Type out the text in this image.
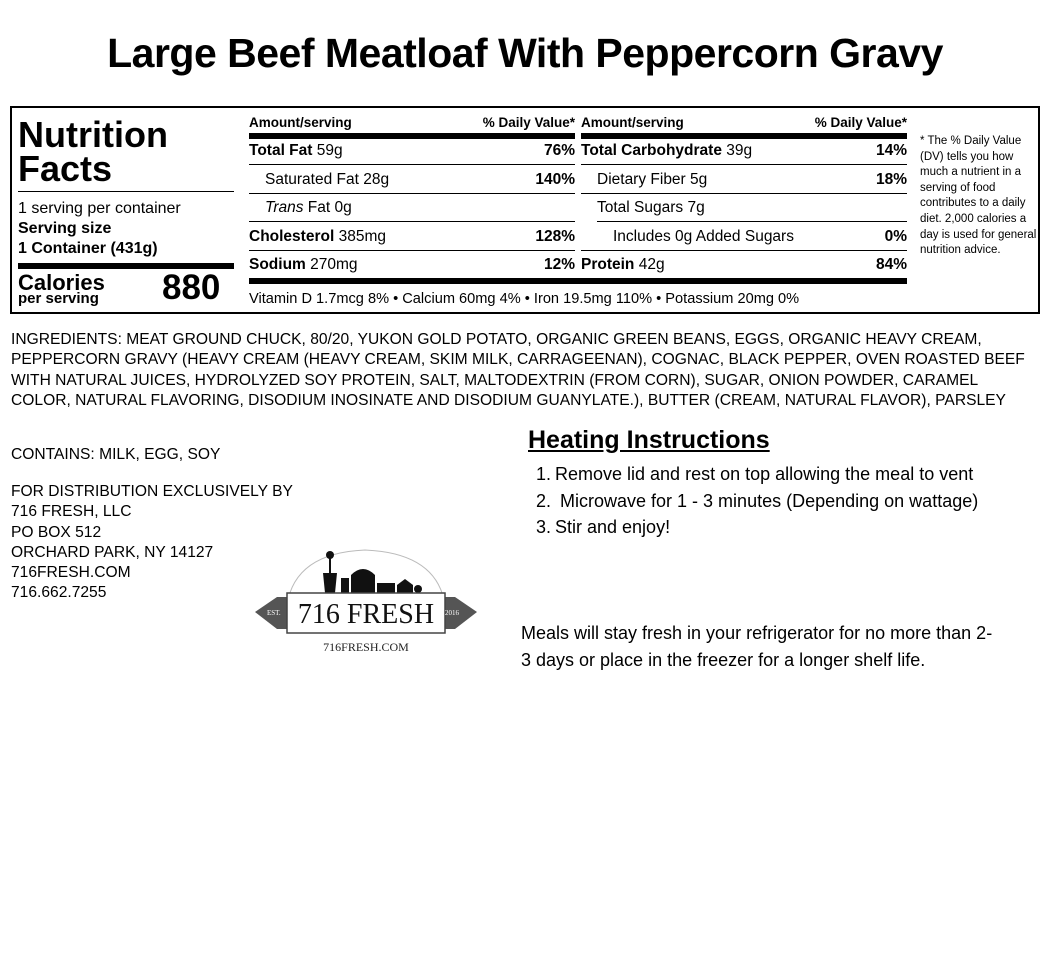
Large Beef Meatloaf With Peppercorn Gravy
Nutrition
Facts
1 serving per container
Serving size
1 Container (431g)
Calories
per serving 880
Amount/serving	% Daily Value*
Total Fat 59g	76%
Saturated Fat 28g	140%
Trans Fat 0g
Cholesterol 385mg	128%
Sodium 270mg	12%
Amount/serving	% Daily Value*
Total Carbohydrate 39g	14%
Dietary Fiber 5g	18%
Total Sugars 7g
Includes 0g Added Sugars	0%
Protein 42g	84%
Vitamin D 1.7mcg 8% • Calcium 60mg 4% • Iron 19.5mg 110% • Potassium 20mg 0%
* The % Daily Value (DV) tells you how much a nutrient in a serving of food contributes to a daily diet. 2,000 calories a day is used for general nutrition advice.
INGREDIENTS: MEAT GROUND CHUCK, 80/20, YUKON GOLD POTATO, ORGANIC GREEN BEANS, EGGS, ORGANIC HEAVY CREAM, PEPPERCORN GRAVY (HEAVY CREAM (HEAVY CREAM, SKIM MILK, CARRAGEENAN), COGNAC, BLACK PEPPER, OVEN ROASTED BEEF WITH NATURAL JUICES, HYDROLYZED SOY PROTEIN, SALT, MALTODEXTRIN (FROM CORN), SUGAR, ONION POWDER, CARAMEL COLOR, NATURAL FLAVORING, DISODIUM INOSINATE AND DISODIUM GUANYLATE.), BUTTER (CREAM, NATURAL FLAVOR), PARSLEY
CONTAINS: MILK, EGG, SOY
FOR DISTRIBUTION EXCLUSIVELY BY
716 FRESH, LLC
PO BOX 512
ORCHARD PARK, NY 14127
716FRESH.COM
716.662.7255
EST.	2016
716 FRESH
716FRESH.COM
Heating Instructions
1. Remove lid and rest on top allowing the meal to vent
2. Microwave for 1 - 3 minutes (Depending on wattage)
3. Stir and enjoy!
Meals will stay fresh in your refrigerator for no more than 2-3 days or place in the freezer for a longer shelf life.
